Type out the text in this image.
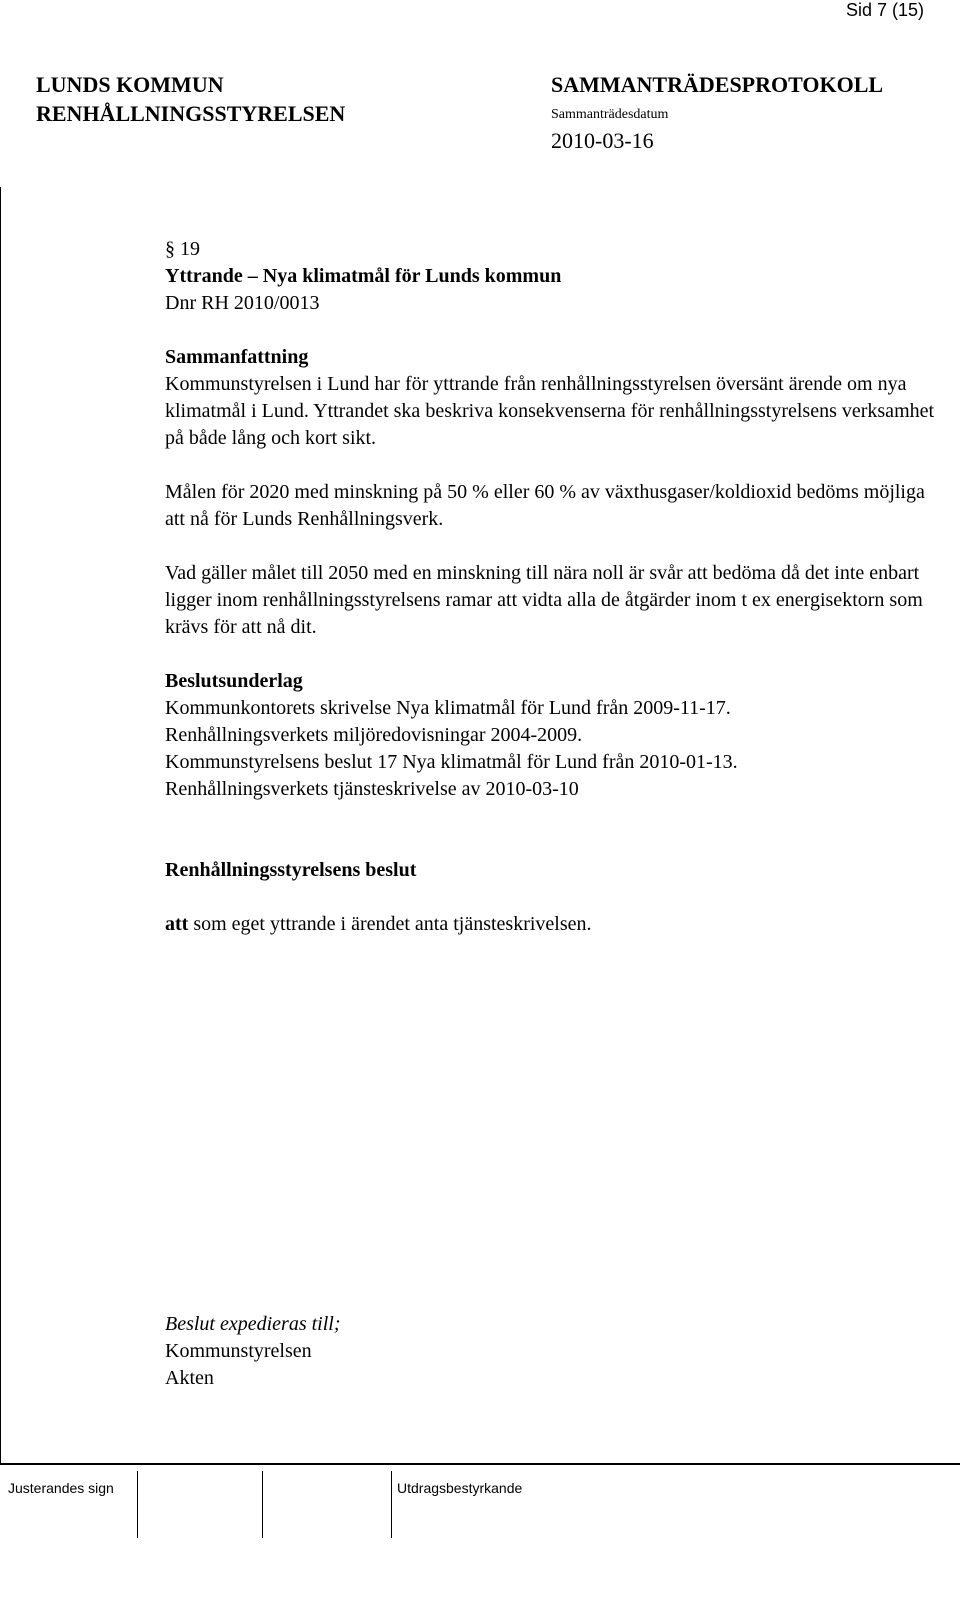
Sid 7 (15)
LUNDS KOMMUN
RENHÅLLNINGSSTYRELSEN
SAMMANTRÄDESPROTOKOLL
Sammanträdesdatum
2010-03-16

§ 19

Yttrande – Nya klimatmål för Lunds kommun

Dnr RH 2010/0013

Sammanfattning

Kommunstyrelsen i Lund har för yttrande från renhållningsstyrelsen översänt ärende om nya klimatmål i Lund. Yttrandet ska beskriva konsekvenserna för renhållningsstyrelsens verksamhet på både lång och kort sikt.

Målen för 2020 med minskning på 50 % eller 60 % av växthusgaser/koldioxid bedöms möjliga att nå för Lunds Renhållningsverk.

Vad gäller målet till 2050 med en minskning till nära noll är svår att bedöma då det inte enbart ligger inom renhållningsstyrelsens ramar att vidta alla de åtgärder inom t ex energisektorn som krävs för att nå dit.

Beslutsunderlag

Kommunkontorets skrivelse Nya klimatmål för Lund från 2009-11-17.

Renhållningsverkets miljöredovisningar 2004-2009.

Kommunstyrelsens beslut 17 Nya klimatmål för Lund från 2010-01-13.

Renhållningsverkets tjänsteskrivelse av 2010-03-10

Renhållningsstyrelsens beslut

att som eget yttrande i ärendet anta tjänsteskrivelsen.

Beslut expedieras till;

Kommunstyrelsen

Akten

Justerandes sign	Utdragsbestyrkande
